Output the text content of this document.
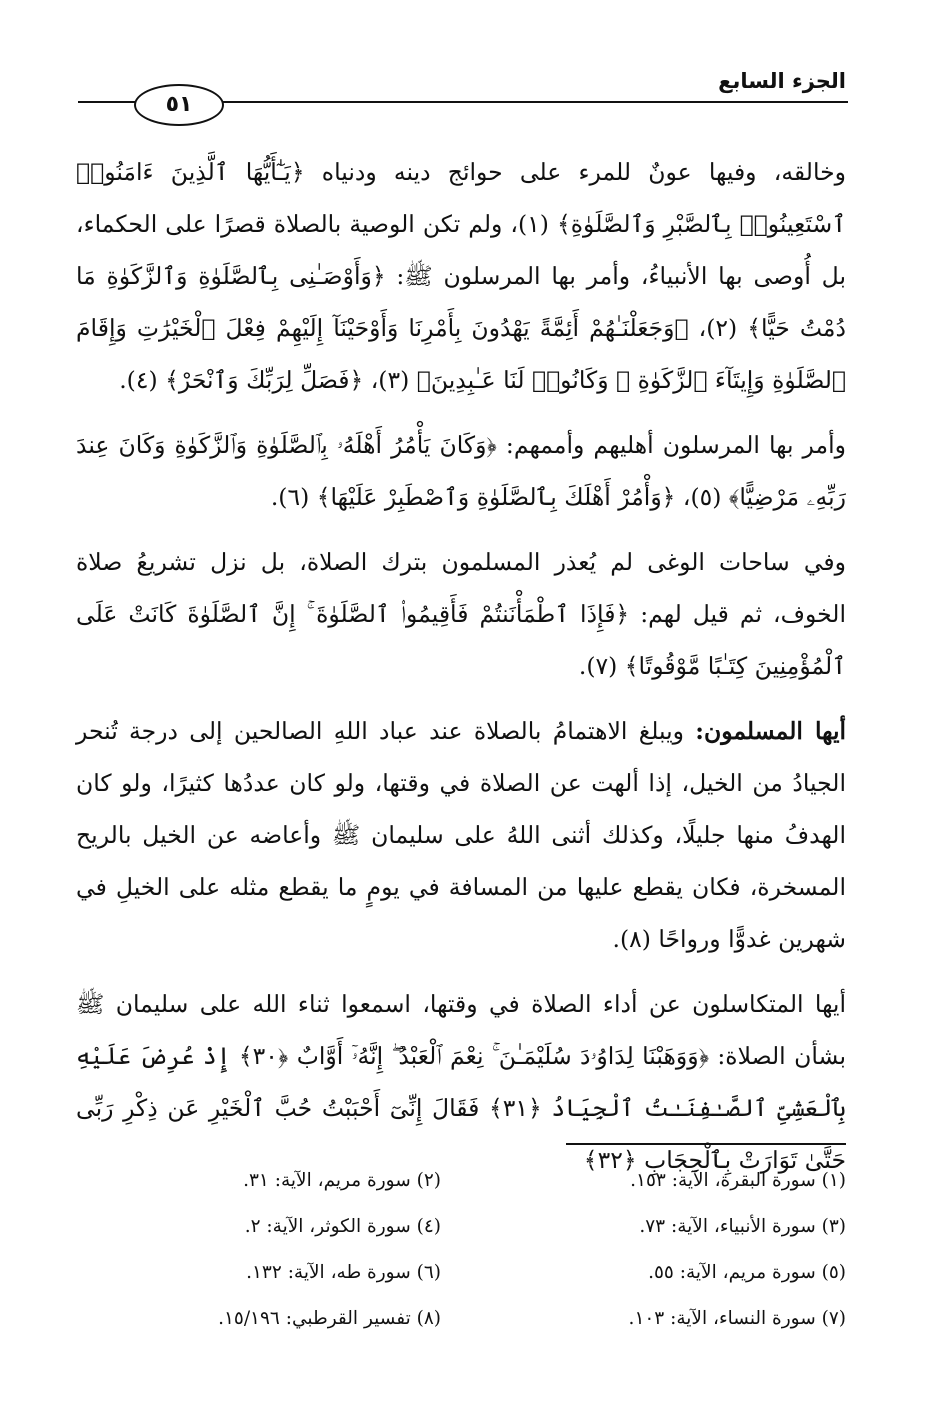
الجزء السابع
٥١

وخالقه، وفيها عونٌ للمرء على حوائج دينه ودنياه ﴿يَـٰٓأَيُّهَا ٱلَّذِينَ ءَامَنُوا۟ ٱسْتَعِينُوا۟ بِٱلصَّبْرِ وَٱلصَّلَوٰةِ﴾ (١)، ولم تكن الوصية بالصلاة قصرًا على الحكماء، بل أُوصى بها الأنبياءُ، وأمر بها المرسلون ﷺ: ﴿وَأَوْصَـٰنِى بِٱلصَّلَوٰةِ وَٱلزَّكَوٰةِ مَا دُمْتُ حَيًّا﴾ (٢)، ﴿وَجَعَلْنَـٰهُمْ أَئِمَّةً يَهْدُونَ بِأَمْرِنَا وَأَوْحَيْنَآ إِلَيْهِمْ فِعْلَ ٱلْخَيْرَٰتِ وَإِقَامَ ٱلصَّلَوٰةِ وَإِيتَآءَ ٱلزَّكَوٰةِ ۖ وَكَانُوا۟ لَنَا عَـٰبِدِينَ﴾ (٣)، ﴿فَصَلِّ لِرَبِّكَ وَٱنْحَرْ﴾ (٤).

وأمر بها المرسلون أهليهم وأممهم: ﴿وَكَانَ يَأْمُرُ أَهْلَهُۥ بِٱلصَّلَوٰةِ وَٱلزَّكَوٰةِ وَكَانَ عِندَ رَبِّهِۦ مَرْضِيًّا﴾ (٥)، ﴿وَأْمُرْ أَهْلَكَ بِٱلصَّلَوٰةِ وَٱصْطَبِرْ عَلَيْهَا﴾ (٦).

وفي ساحات الوغى لم يُعذر المسلمون بترك الصلاة، بل نزل تشريعُ صلاة الخوف، ثم قيل لهم: ﴿فَإِذَا ٱطْمَأْنَنتُمْ فَأَقِيمُوا۟ ٱلصَّلَوٰةَ ۚ إِنَّ ٱلصَّلَوٰةَ كَانَتْ عَلَى ٱلْمُؤْمِنِينَ كِتَـٰبًا مَّوْقُوتًا﴾ (٧).

أيها المسلمون: ويبلغ الاهتمامُ بالصلاة عند عباد اللهِ الصالحين إلى درجة تُنحر الجيادُ من الخيل، إذا ألهت عن الصلاة في وقتها، ولو كان عددُها كثيرًا، ولو كان الهدفُ منها جليلًا، وكذلك أثنى اللهُ على سليمان ﷺ وأعاضه عن الخيل بالريح المسخرة، فكان يقطع عليها من المسافة في يومٍ ما يقطع مثله على الخيلِ في شهرين غدوًّا ورواحًا (٨).

أيها المتكاسلون عن أداء الصلاة في وقتها، اسمعوا ثناء الله على سليمان ﷺ بشأن الصلاة: ﴿وَوَهَبْنَا لِدَاوُۥدَ سُلَيْمَـٰنَ ۚ نِعْمَ ٱلْعَبْدُ ۖ إِنَّهُۥٓ أَوَّابٌ ﴿٣٠﴾ إِذْ عُرِضَ عَلَيْهِ بِٱلْعَشِىِّ ٱلصَّـٰفِنَـٰتُ ٱلْجِيَادُ ﴿٣١﴾ فَقَالَ إِنِّىٓ أَحْبَبْتُ حُبَّ ٱلْخَيْرِ عَن ذِكْرِ رَبِّى حَتَّىٰ تَوَارَتْ بِٱلْحِجَابِ ﴿٣٢﴾

(١) سورة البقرة، الآية: ١٥٣.
(٢) سورة مريم، الآية: ٣١.
(٣) سورة الأنبياء، الآية: ٧٣.
(٤) سورة الكوثر، الآية: ٢.
(٥) سورة مريم، الآية: ٥٥.
(٦) سورة طه، الآية: ١٣٢.
(٧) سورة النساء، الآية: ١٠٣.
(٨) تفسير القرطبي: ١٥/١٩٦.
